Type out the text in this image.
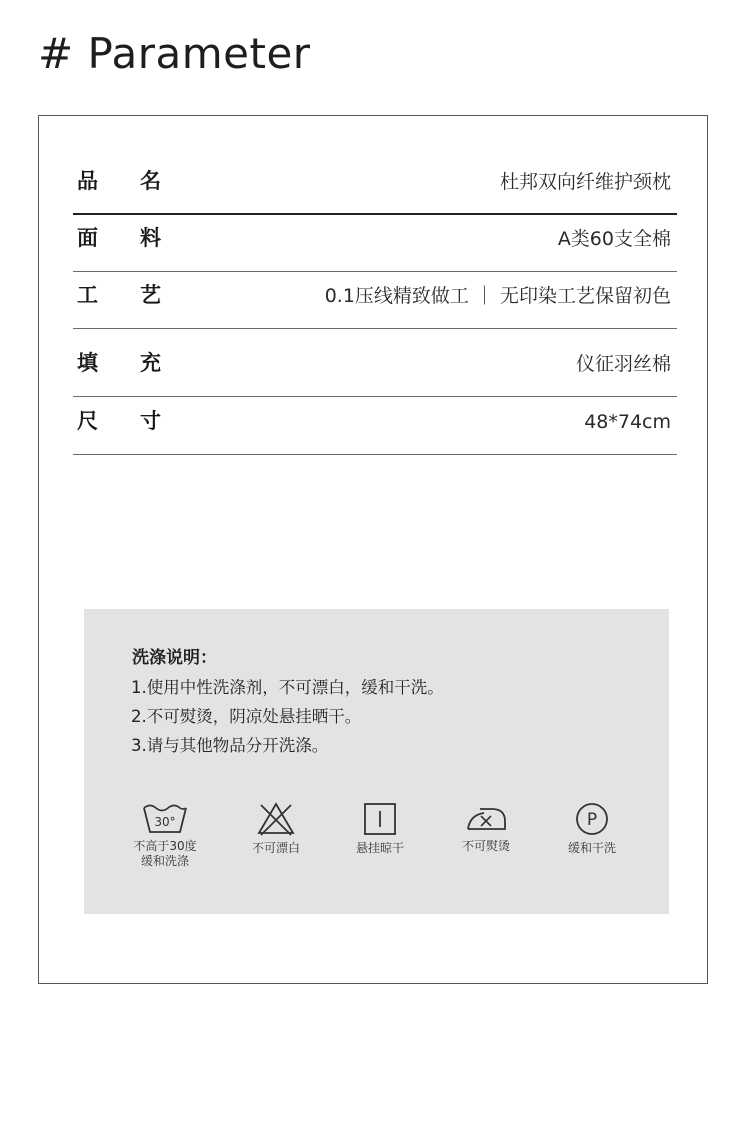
# Parameter
品名	杜邦双向纤维护颈枕
面料	A类60支全棉
工艺	0.1压线精致做工 ｜ 无印染工艺保留初色
填充	仪征羽丝棉
尺寸	48*74cm
洗涤说明：
1.使用中性洗涤剂，不可漂白，缓和干洗。
2.不可熨烫，阴凉处悬挂晒干。
3.请与其他物品分开洗涤。
30°
不高于30度
缓和洗涤
不可漂白	悬挂晾干	不可熨烫
P
缓和干洗
